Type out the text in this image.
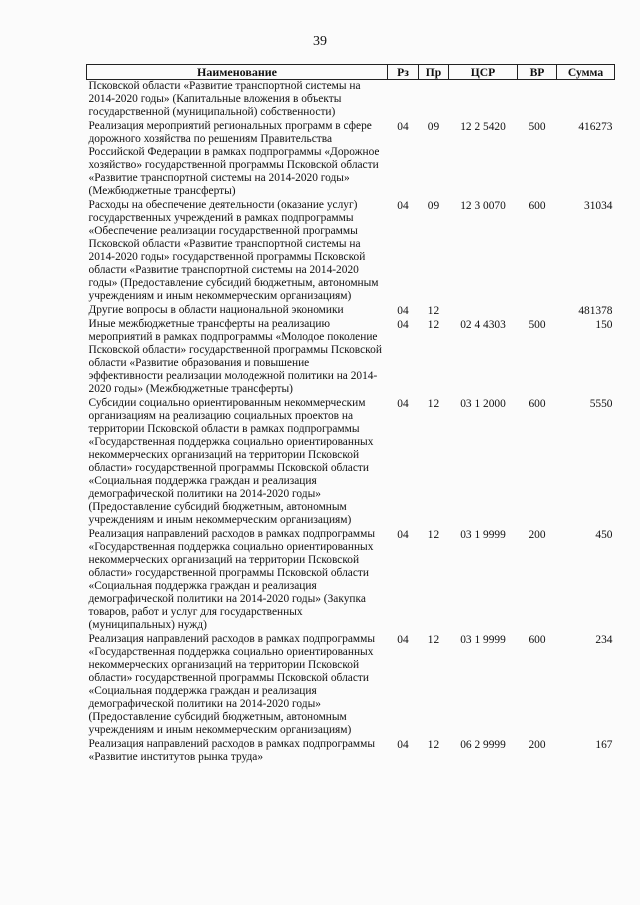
39
Наименование	Рз	Пр	ЦСР	ВР	Сумма
Псковской области «Развитие транспортной системы на 2014-2020 годы» (Капитальные вложения в объекты государственной (муниципальной) собственности)					
Реализация мероприятий региональных программ в сфере дорожного хозяйства по решениям Правительства Российской Федерации в рамках подпрограммы «Дорожное хозяйство» государственной программы Псковской области «Развитие транспортной системы на 2014-2020 годы» (Межбюджетные трансферты)	04	09	12 2 5420	500	416273
Расходы на обеспечение деятельности (оказание услуг) государственных учреждений в рамках подпрограммы «Обеспечение реализации государственной программы Псковской области «Развитие транспортной системы на 2014-2020 годы» государственной программы Псковской области «Развитие транспортной системы на 2014-2020 годы» (Предоставление субсидий бюджетным, автономным учреждениям и иным некоммерческим организациям)	04	09	12 3 0070	600	31034
Другие вопросы в области национальной экономики	04	12			481378
Иные межбюджетные трансферты на реализацию мероприятий в рамках подпрограммы «Молодое поколение Псковской области» государственной программы Псковской области «Развитие образования и повышение эффективности реализации молодежной политики на 2014-2020 годы» (Межбюджетные трансферты)	04	12	02 4 4303	500	150
Субсидии социально ориентированным некоммерческим организациям на реализацию социальных проектов на территории Псковской области в рамках подпрограммы «Государственная поддержка социально ориентированных некоммерческих организаций на территории Псковской области» государственной программы Псковской области «Социальная поддержка граждан и реализация демографической политики на 2014-2020 годы» (Предоставление субсидий бюджетным, автономным учреждениям и иным некоммерческим организациям)	04	12	03 1 2000	600	5550
Реализация направлений расходов в рамках подпрограммы «Государственная поддержка социально ориентированных некоммерческих организаций на территории Псковской области» государственной программы Псковской области «Социальная поддержка граждан и реализация демографической политики на 2014-2020 годы» (Закупка товаров, работ и услуг для государственных (муниципальных) нужд)	04	12	03 1 9999	200	450
Реализация направлений расходов в рамках подпрограммы «Государственная поддержка социально ориентированных некоммерческих организаций на территории Псковской области» государственной программы Псковской области «Социальная поддержка граждан и реализация демографической политики на 2014-2020 годы» (Предоставление субсидий бюджетным, автономным учреждениям и иным некоммерческим организациям)	04	12	03 1 9999	600	234
Реализация направлений расходов в рамках подпрограммы «Развитие институтов рынка труда»	04	12	06 2 9999	200	167
